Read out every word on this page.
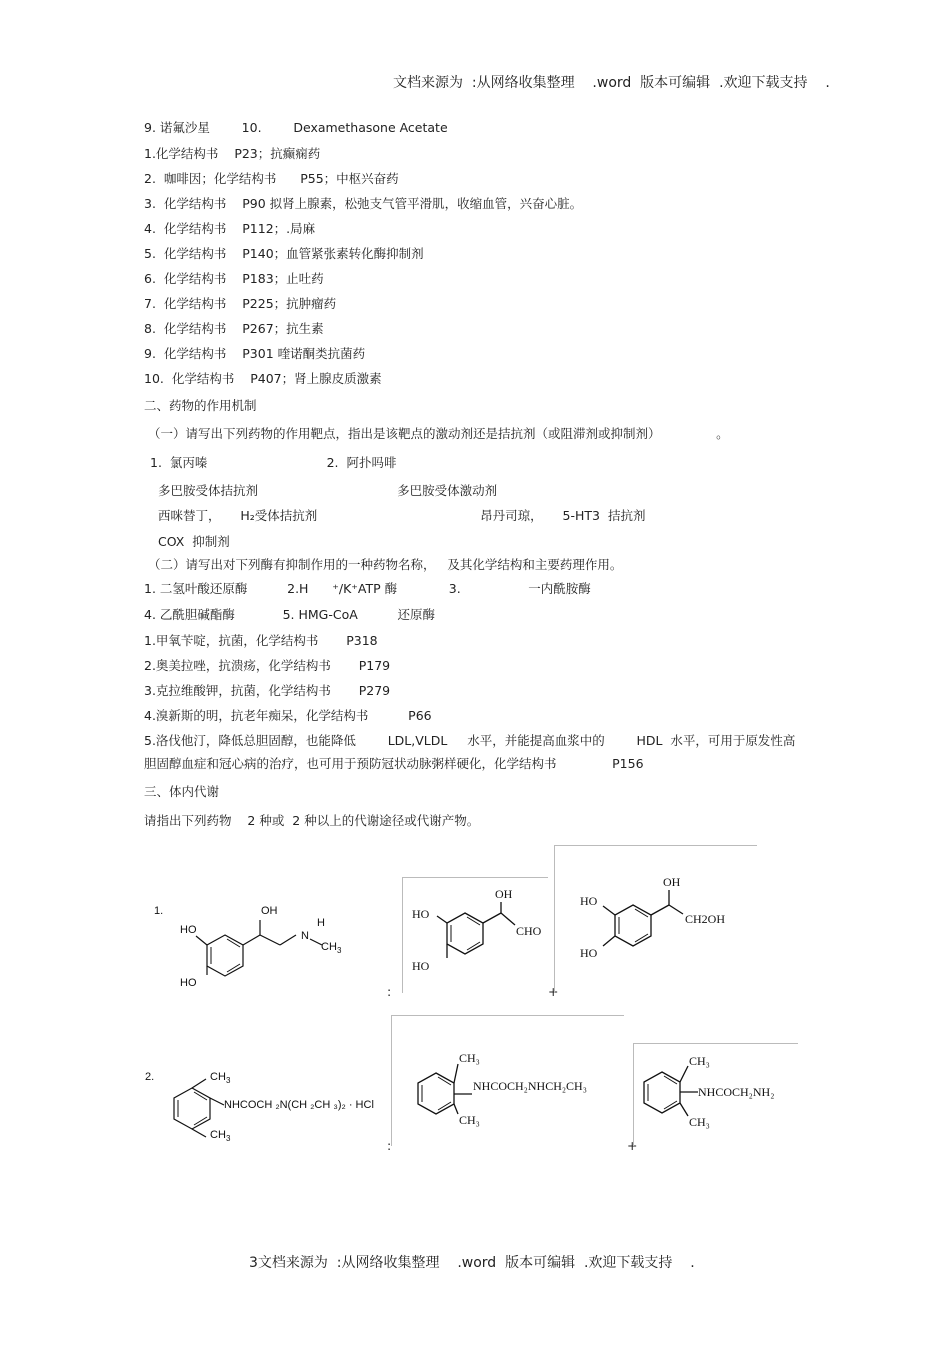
文档来源为  :从网络收集整理    .word  版本可编辑  .欢迎下载支持    .
9. 诺氟沙星        10.        Dexamethasone Acetate
1.化学结构书    P23；抗癫痫药
2.  咖啡因；化学结构书      P55；中枢兴奋药
3.  化学结构书    P90 拟肾上腺素，松弛支气管平滑肌，收缩血管，兴奋心脏。
4.  化学结构书    P112；.局麻
5.  化学结构书    P140；血管紧张素转化酶抑制剂
6.  化学结构书    P183；止吐药
7.  化学结构书    P225；抗肿瘤药
8.  化学结构书    P267；抗生素
9.  化学结构书    P301 喹诺酮类抗菌药
10.  化学结构书    P407；肾上腺皮质激素
二、药物的作用机制
（一）请写出下列药物的作用靶点，指出是该靶点的激动剂还是拮抗剂（或阻滞剂或抑制剂）              。
1.  氯丙嗪                              2.  阿扑吗啡
多巴胺受体拮抗剂                                   多巴胺受体激动剂
西咪替丁，     H₂受体拮抗剂                                         昂丹司琼，     5-HT3  拮抗剂
COX  抑制剂
（二）请写出对下列酶有抑制作用的一种药物名称，   及其化学结构和主要药理作用。
1. 二氢叶酸还原酶          2.H      ⁺/K⁺ATP 酶             3.                 一内酰胺酶
4. 乙酰胆碱酯酶            5. HMG-CoA          还原酶
1.甲氧苄啶，抗菌，化学结构书       P318
2.奥美拉唑，抗溃疡，化学结构书       P179
3.克拉维酸钾，抗菌，化学结构书       P279
4.溴新斯的明，抗老年痴呆，化学结构书          P66
5.洛伐他汀，降低总胆固醇，也能降低        LDL,VLDL     水平，并能提高血浆中的        HDL  水平，可用于原发性高
胆固醇血症和冠心病的治疗，也可用于预防冠状动脉粥样硬化，化学结构书              P156
三、体内代谢
请指出下列药物    2 种或  2 种以上的代谢途径或代谢产物。
1.
HO
HO
OH
H
N
CH 3
HO
HO
OH
CHO
:	+
HO
HO
OH
CH2OH
2.	CH 3
CH 3
NHCOCH ₂N(CH ₂CH ₃)₂ · HCl
:
CH₃
CH₃
NHCOCH₂NHCH₂CH₃
+
CH₃
CH₃
NHCOCH₂NH₂
3文档来源为  :从网络收集整理    .word  版本可编辑  .欢迎下载支持    .
